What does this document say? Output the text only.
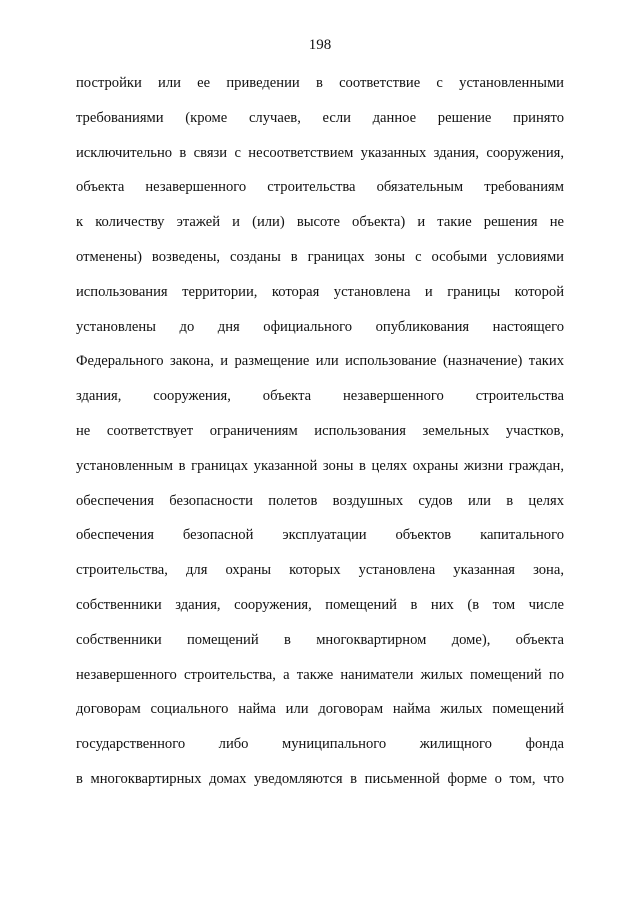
198
постройки или ее приведении в соответствие с установленными
требованиями (кроме случаев, если данное решение принято
исключительно в связи с несоответствием указанных здания, сооружения,
объекта незавершенного строительства обязательным требованиям
к количеству этажей и (или) высоте объекта) и такие решения не
отменены) возведены, созданы в границах зоны с особыми условиями
использования территории, которая установлена и границы которой
установлены до дня официального опубликования настоящего
Федерального закона, и размещение или использование (назначение) таких
здания, сооружения, объекта незавершенного строительства
не соответствует ограничениям использования земельных участков,
установленным в границах указанной зоны в целях охраны жизни граждан,
обеспечения безопасности полетов воздушных судов или в целях
обеспечения безопасной эксплуатации объектов капитального
строительства, для охраны которых установлена указанная зона,
собственники здания, сооружения, помещений в них (в том числе
собственники помещений в многоквартирном доме), объекта
незавершенного строительства, а также наниматели жилых помещений по
договорам социального найма или договорам найма жилых помещений
государственного либо муниципального жилищного фонда
в многоквартирных домах уведомляются в письменной форме о том, что
